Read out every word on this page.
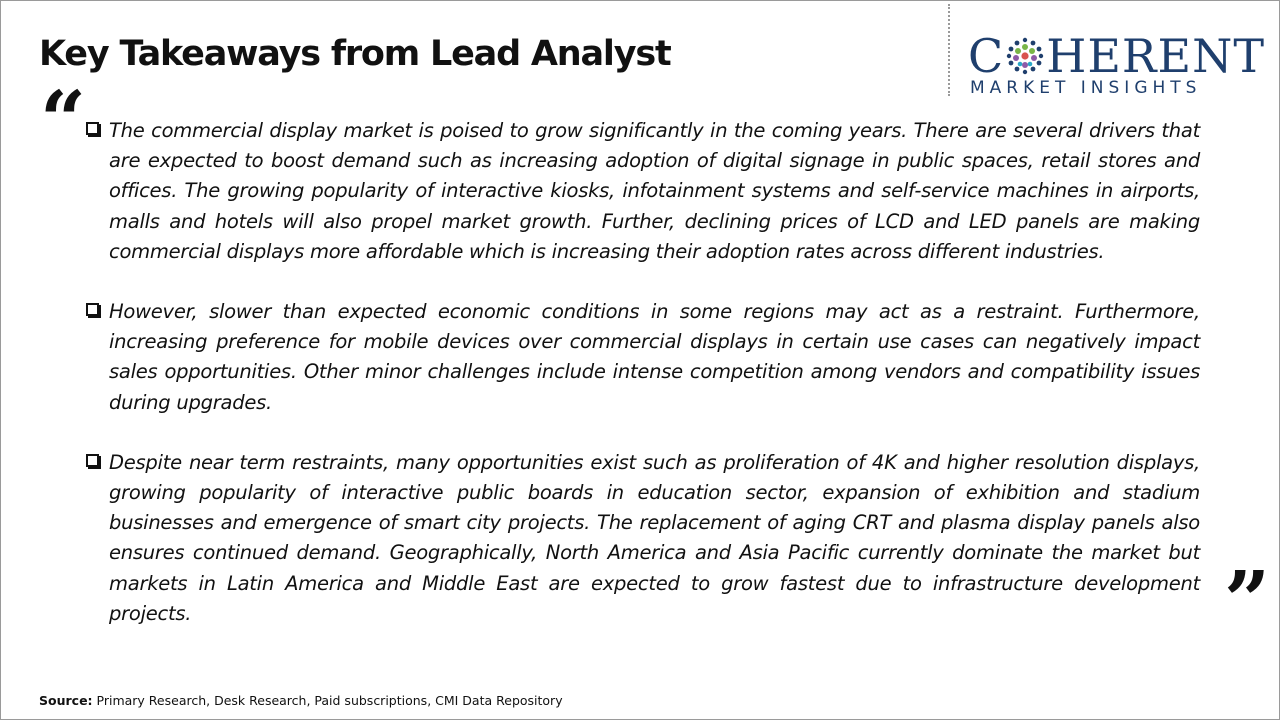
Key Takeaways from Lead Analyst	C HERENT
MARKET INSIGHTS
“
”

The commercial display market is poised to grow significantly in the coming years. There are several drivers that are expected to boost demand such as increasing adoption of digital signage in public spaces, retail stores and offices. The growing popularity of interactive kiosks, infotainment systems and self-service machines in airports, malls and hotels will also propel market growth. Further, declining prices of LCD and LED panels are making commercial displays more affordable which is increasing their adoption rates across different industries.

However, slower than expected economic conditions in some regions may act as a restraint. Furthermore, increasing preference for mobile devices over commercial displays in certain use cases can negatively impact sales opportunities. Other minor challenges include intense competition among vendors and compatibility issues during upgrades.

Despite near term restraints, many opportunities exist such as proliferation of 4K and higher resolution displays, growing popularity of interactive public boards in education sector, expansion of exhibition and stadium businesses and emergence of smart city projects. The replacement of aging CRT and plasma display panels also ensures continued demand. Geographically, North America and Asia Pacific currently dominate the market but markets in Latin America and Middle East are expected to grow fastest due to infrastructure development projects.

Source: Primary Research, Desk Research, Paid subscriptions, CMI Data Repository
